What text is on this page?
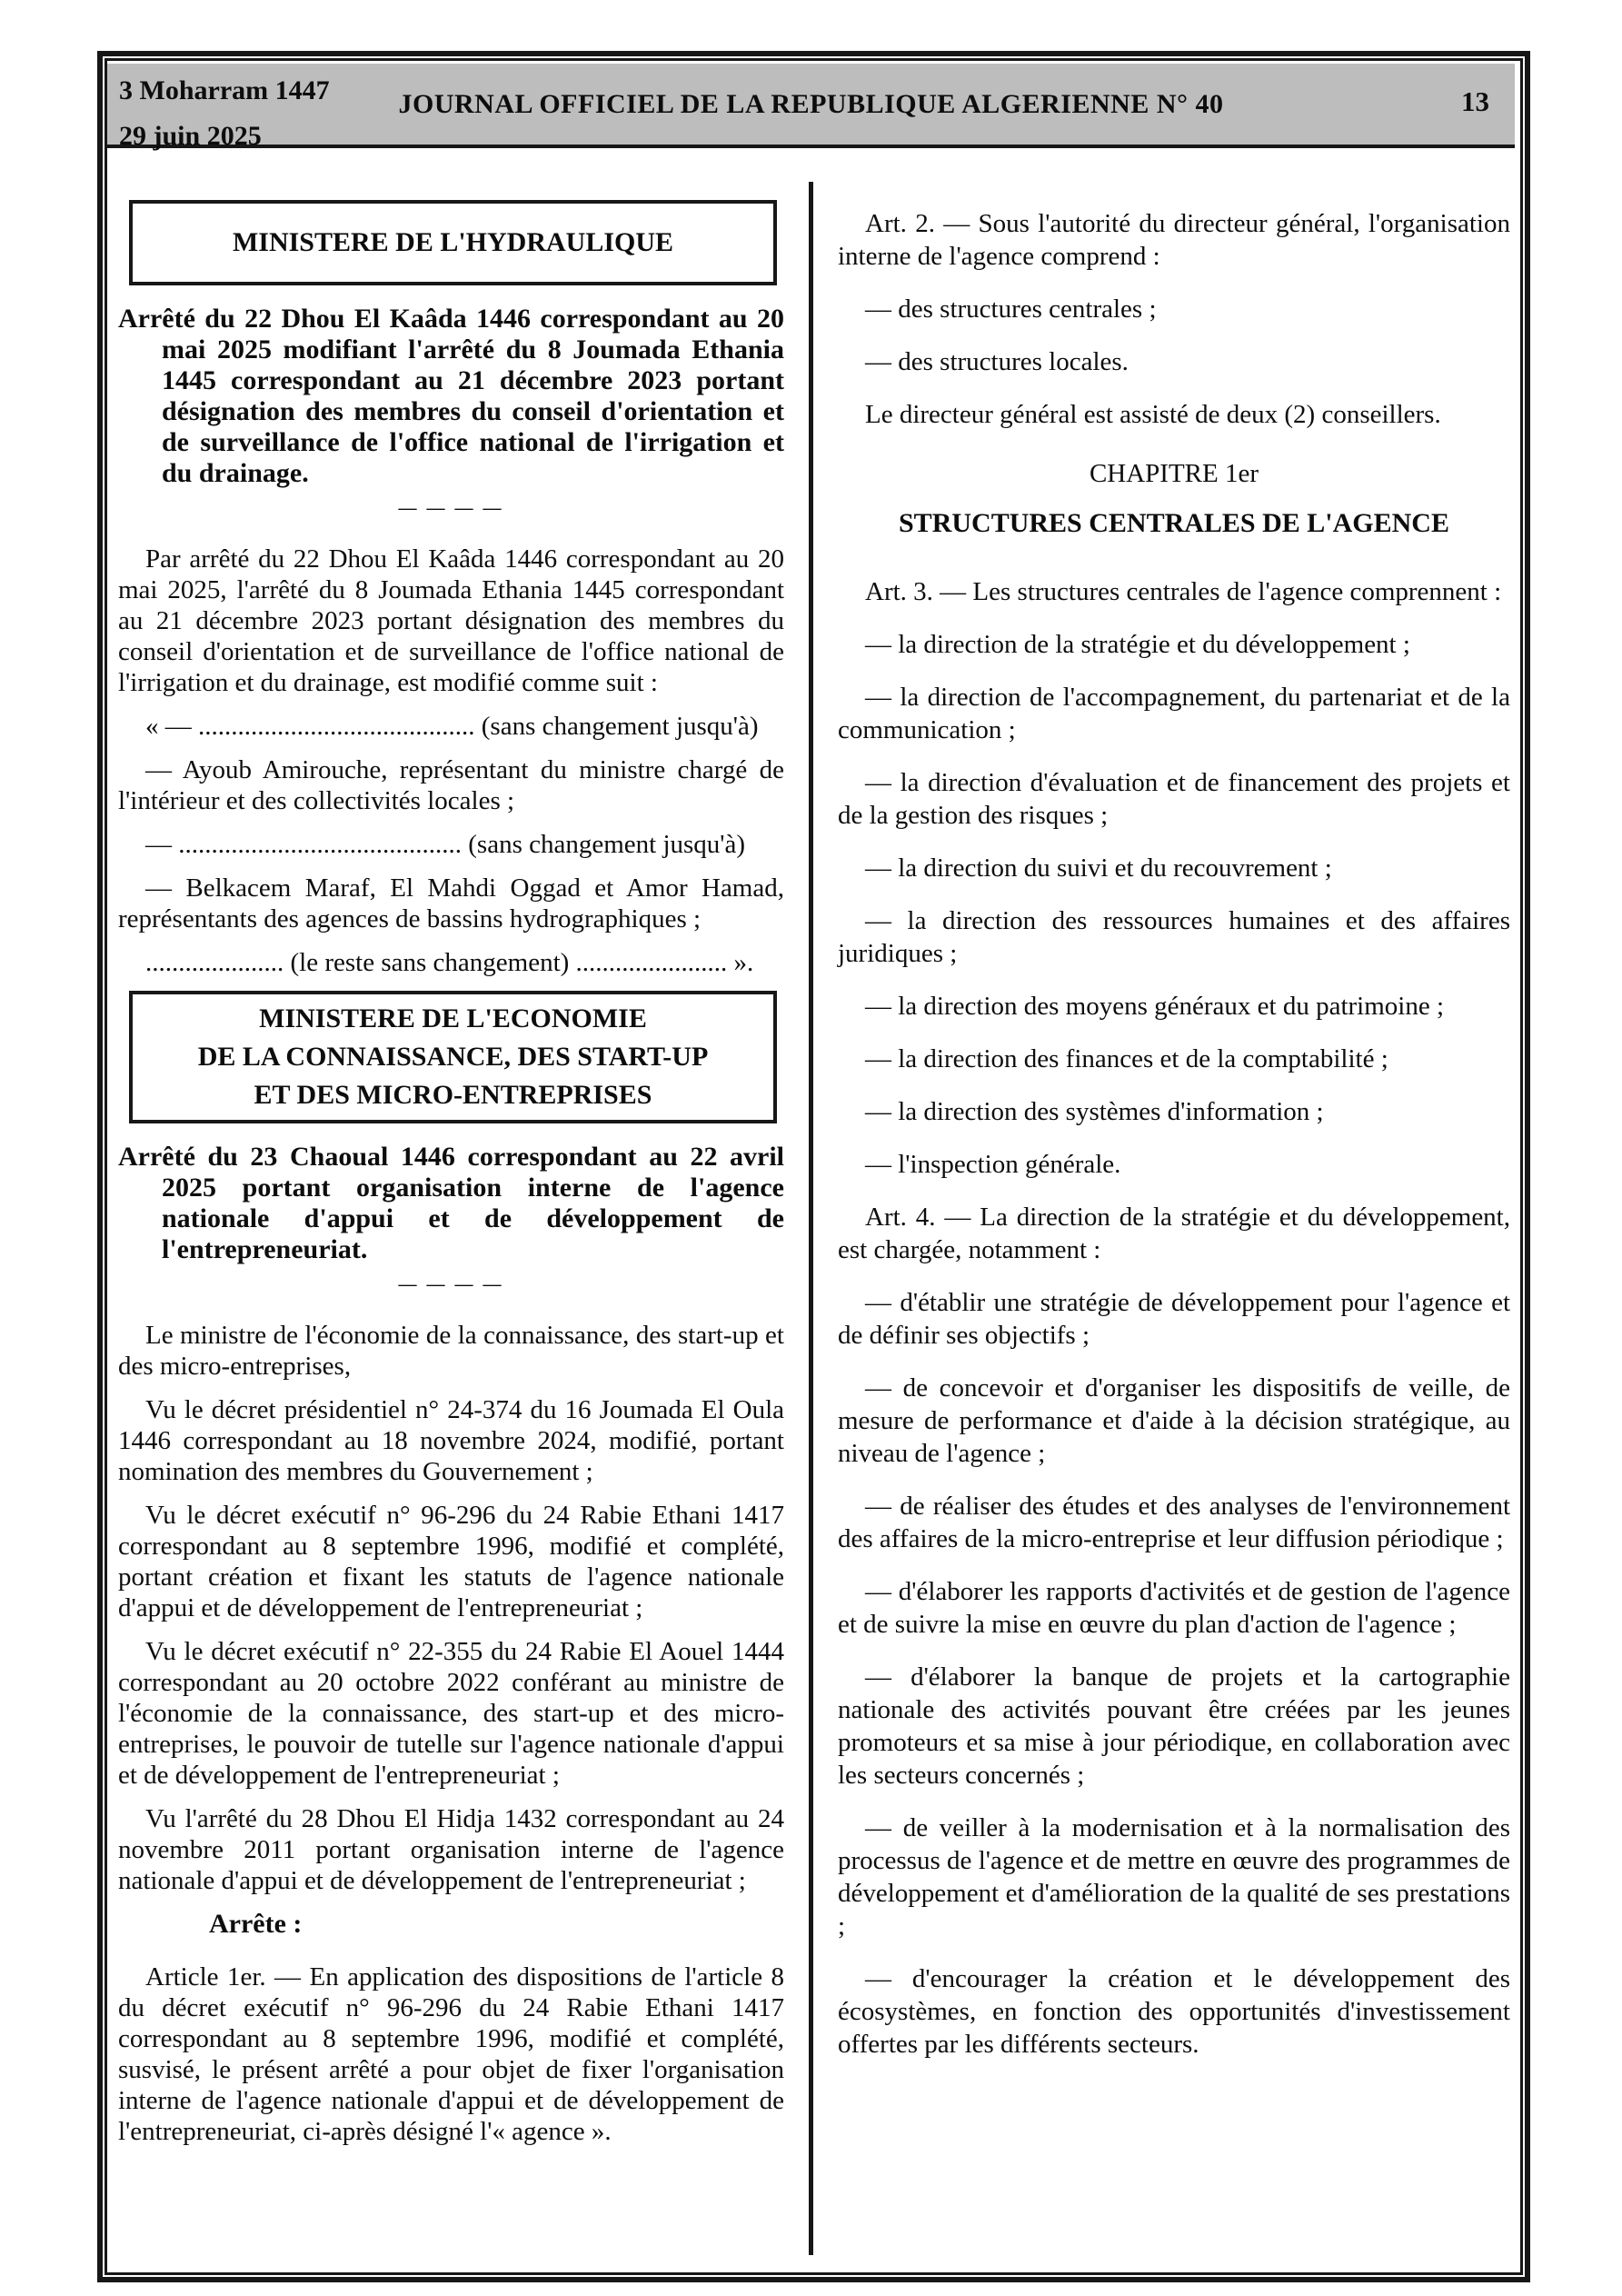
3 Moharram 1447
29 juin 2025
JOURNAL OFFICIEL DE LA REPUBLIQUE ALGERIENNE N° 40	13
MINISTERE DE L'HYDRAULIQUE

Arrêté du 22 Dhou El Kaâda 1446 correspondant au 20 mai 2025 modifiant l'arrêté du 8 Joumada Ethania 1445 correspondant au 21 décembre 2023 portant désignation des membres du conseil d'orientation et de surveillance de l'office national de l'irrigation et du drainage.

— — — —

Par arrêté du 22 Dhou El Kaâda 1446 correspondant au 20 mai 2025, l'arrêté du 8 Joumada Ethania 1445 correspondant au 21 décembre 2023 portant désignation des membres du conseil d'orientation et de surveillance de l'office national de l'irrigation et du drainage, est modifié comme suit :

« — .......................................... (sans changement jusqu'à)

— Ayoub Amirouche, représentant du ministre chargé de l'intérieur et des collectivités locales ;

— ........................................... (sans changement jusqu'à)

— Belkacem Maraf, El Mahdi Oggad et Amor Hamad, représentants des agences de bassins hydrographiques ;

..................... (le reste sans changement) ....................... ».

MINISTERE DE L'ECONOMIE
DE LA CONNAISSANCE, DES START-UP
ET DES MICRO-ENTREPRISES

Arrêté du 23 Chaoual 1446 correspondant au 22 avril 2025 portant organisation interne de l'agence nationale d'appui et de développement de l'entrepreneuriat.

— — — —

Le ministre de l'économie de la connaissance, des start-up et des micro-entreprises,

Vu le décret présidentiel n° 24-374 du 16 Joumada El Oula 1446 correspondant au 18 novembre 2024, modifié, portant nomination des membres du Gouvernement ;

Vu le décret exécutif n° 96-296 du 24 Rabie Ethani 1417 correspondant au 8 septembre 1996, modifié et complété, portant création et fixant les statuts de l'agence nationale d'appui et de développement de l'entrepreneuriat ;

Vu le décret exécutif n° 22-355 du 24 Rabie El Aouel 1444 correspondant au 20 octobre 2022 conférant au ministre de l'économie de la connaissance, des start-up et des micro-entreprises, le pouvoir de tutelle sur l'agence nationale d'appui et de développement de l'entrepreneuriat ;

Vu l'arrêté du 28 Dhou El Hidja 1432 correspondant au 24 novembre 2011 portant organisation interne de l'agence nationale d'appui et de développement de l'entrepreneuriat ;

Arrête :

Article 1er. — En application des dispositions de l'article 8 du décret exécutif n° 96-296 du 24 Rabie Ethani 1417 correspondant au 8 septembre 1996, modifié et complété, susvisé, le présent arrêté a pour objet de fixer l'organisation interne de l'agence nationale d'appui et de développement de l'entrepreneuriat, ci-après désigné l'« agence ».

Art. 2. — Sous l'autorité du directeur général, l'organisation interne de l'agence comprend :

— des structures centrales ;

— des structures locales.

Le directeur général est assisté de deux (2) conseillers.

CHAPITRE 1er

STRUCTURES CENTRALES DE L'AGENCE

Art. 3. — Les structures centrales de l'agence comprennent :

— la direction de la stratégie et du développement ;

— la direction de l'accompagnement, du partenariat et de la communication ;

— la direction d'évaluation et de financement des projets et de la gestion des risques ;

— la direction du suivi et du recouvrement ;

— la direction des ressources humaines et des affaires juridiques ;

— la direction des moyens généraux et du patrimoine ;

— la direction des finances et de la comptabilité ;

— la direction des systèmes d'information ;

— l'inspection générale.

Art. 4. — La direction de la stratégie et du développement, est chargée, notamment :

— d'établir une stratégie de développement pour l'agence et de définir ses objectifs ;

— de concevoir et d'organiser les dispositifs de veille, de mesure de performance et d'aide à la décision stratégique, au niveau de l'agence ;

— de réaliser des études et des analyses de l'environnement des affaires de la micro-entreprise et leur diffusion périodique ;

— d'élaborer les rapports d'activités et de gestion de l'agence et de suivre la mise en œuvre du plan d'action de l'agence ;

— d'élaborer la banque de projets et la cartographie nationale des activités pouvant être créées par les jeunes promoteurs et sa mise à jour périodique, en collaboration avec les secteurs concernés ;

— de veiller à la modernisation et à la normalisation des processus de l'agence et de mettre en œuvre des programmes de développement et d'amélioration de la qualité de ses prestations ;

— d'encourager la création et le développement des écosystèmes, en fonction des opportunités d'investissement offertes par les différents secteurs.
